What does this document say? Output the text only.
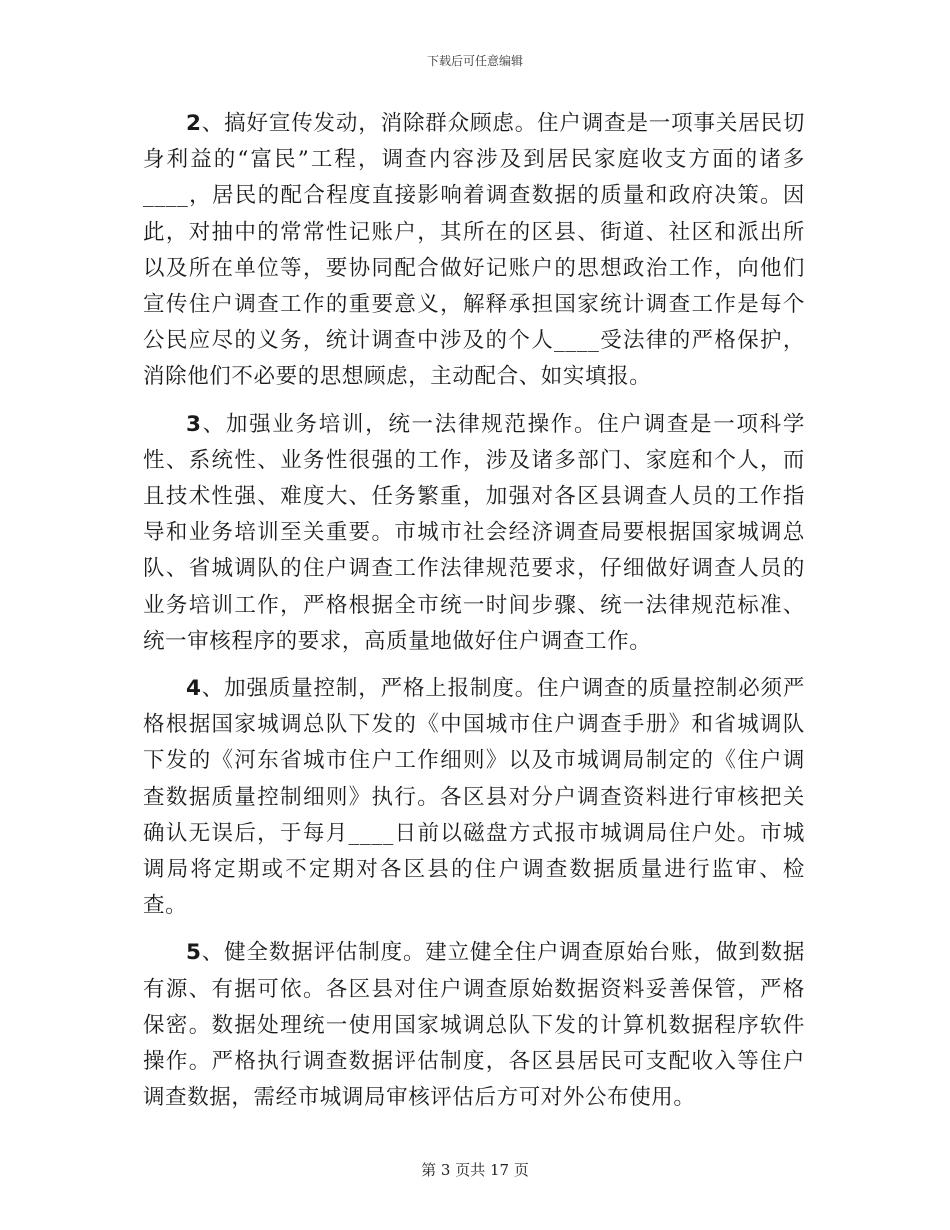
下载后可任意编辑

2、搞好宣传发动，消除群众顾虑。住户调查是一项事关居民切身利益的“富民”工程，调查内容涉及到居民家庭收支方面的诸多____，居民的配合程度直接影响着调查数据的质量和政府决策。因此，对抽中的常常性记账户，其所在的区县、街道、社区和派出所以及所在单位等，要协同配合做好记账户的思想政治工作，向他们宣传住户调查工作的重要意义，解释承担国家统计调查工作是每个公民应尽的义务，统计调查中涉及的个人____受法律的严格保护，消除他们不必要的思想顾虑，主动配合、如实填报。

3、加强业务培训，统一法律规范操作。住户调查是一项科学性、系统性、业务性很强的工作，涉及诸多部门、家庭和个人，而且技术性强、难度大、任务繁重，加强对各区县调查人员的工作指导和业务培训至关重要。市城市社会经济调查局要根据国家城调总队、省城调队的住户调查工作法律规范要求，仔细做好调查人员的业务培训工作，严格根据全市统一时间步骤、统一法律规范标准、统一审核程序的要求，高质量地做好住户调查工作。

4、加强质量控制，严格上报制度。住户调查的质量控制必须严格根据国家城调总队下发的《中国城市住户调查手册》和省城调队下发的《河东省城市住户工作细则》以及市城调局制定的《住户调查数据质量控制细则》执行。各区县对分户调查资料进行审核把关确认无误后，于每月____日前以磁盘方式报市城调局住户处。市城调局将定期或不定期对各区县的住户调查数据质量进行监审、检查。

5、健全数据评估制度。建立健全住户调查原始台账，做到数据有源、有据可依。各区县对住户调查原始数据资料妥善保管，严格保密。数据处理统一使用国家城调总队下发的计算机数据程序软件操作。严格执行调查数据评估制度，各区县居民可支配收入等住户调查数据，需经市城调局审核评估后方可对外公布使用。

第 3 页共 17 页
